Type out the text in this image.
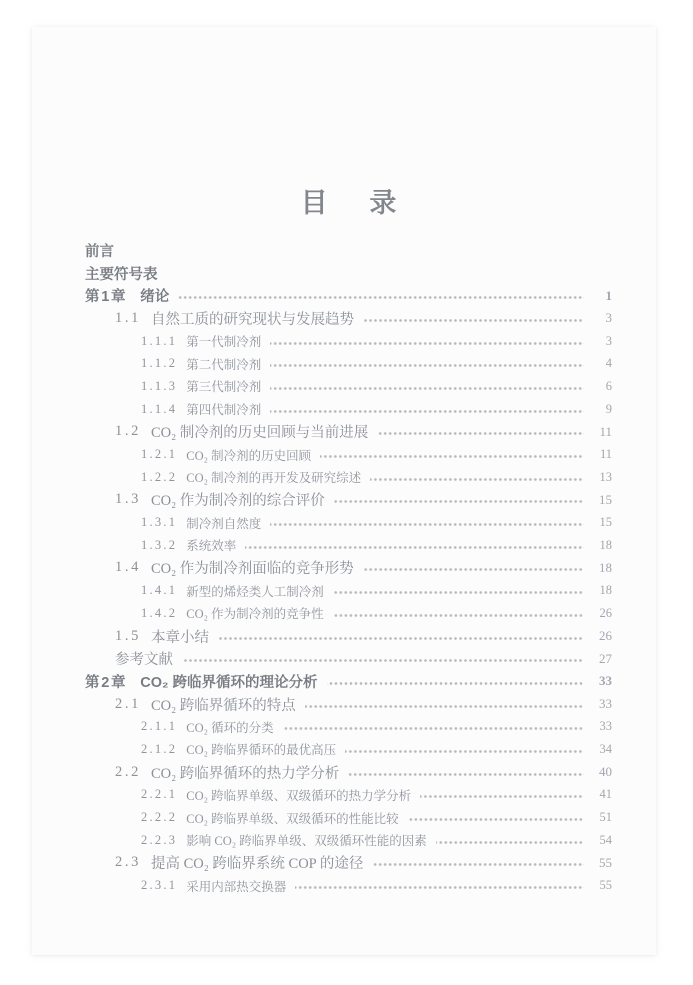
目录
前言
主要符号表
第1章 绪论	1
1.1 自然工质的研究现状与发展趋势	3
1.1.1 第一代制冷剂	3
1.1.2 第二代制冷剂	4
1.1.3 第三代制冷剂	6
1.1.4 第四代制冷剂	9
1.2 CO₂ 制冷剂的历史回顾与当前进展	11
1.2.1 CO₂ 制冷剂的历史回顾	11
1.2.2 CO₂ 制冷剂的再开发及研究综述	13
1.3 CO₂ 作为制冷剂的综合评价	15
1.3.1 制冷剂自然度	15
1.3.2 系统效率	18
1.4 CO₂ 作为制冷剂面临的竞争形势	18
1.4.1 新型的烯烃类人工制冷剂	18
1.4.2 CO₂ 作为制冷剂的竞争性	26
1.5 本章小结	26
参考文献	27
第2章 CO₂ 跨临界循环的理论分析	33
2.1 CO₂ 跨临界循环的特点	33
2.1.1 CO₂ 循环的分类	33
2.1.2 CO₂ 跨临界循环的最优高压	34
2.2 CO₂ 跨临界循环的热力学分析	40
2.2.1 CO₂ 跨临界单级、双级循环的热力学分析	41
2.2.2 CO₂ 跨临界单级、双级循环的性能比较	51
2.2.3 影响 CO₂ 跨临界单级、双级循环性能的因素	54
2.3 提高 CO₂ 跨临界系统 COP 的途径	55
2.3.1 采用内部热交换器	55
